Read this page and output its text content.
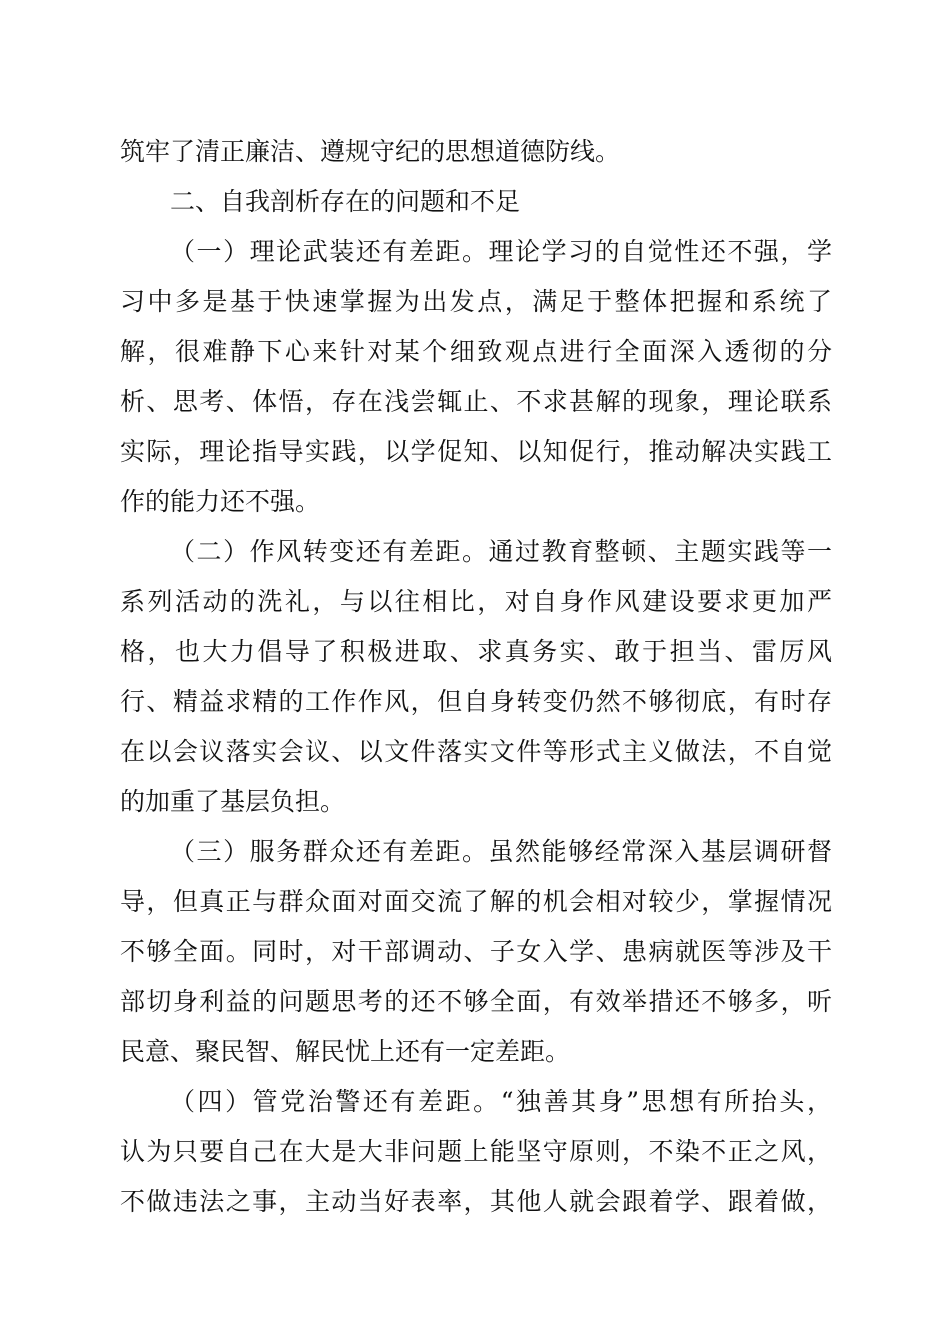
筑牢了清正廉洁、遵规守纪的思想道德防线。
二、自我剖析存在的问题和不足
（一）理论武装还有差距。理论学习的自觉性还不强，学
习中多是基于快速掌握为出发点，满足于整体把握和系统了
解，很难静下心来针对某个细致观点进行全面深入透彻的分
析、思考、体悟，存在浅尝辄止、不求甚解的现象，理论联系
实际，理论指导实践，以学促知、以知促行，推动解决实践工
作的能力还不强。
（二）作风转变还有差距。通过教育整顿、主题实践等一
系列活动的洗礼，与以往相比，对自身作风建设要求更加严
格，也大力倡导了积极进取、求真务实、敢于担当、雷厉风
行、精益求精的工作作风，但自身转变仍然不够彻底，有时存
在以会议落实会议、以文件落实文件等形式主义做法，不自觉
的加重了基层负担。
（三）服务群众还有差距。虽然能够经常深入基层调研督
导，但真正与群众面对面交流了解的机会相对较少，掌握情况
不够全面。同时，对干部调动、子女入学、患病就医等涉及干
部切身利益的问题思考的还不够全面，有效举措还不够多，听
民意、聚民智、解民忧上还有一定差距。
（四）管党治警还有差距。“独善其身”思想有所抬头，
认为只要自己在大是大非问题上能坚守原则，不染不正之风，
不做违法之事，主动当好表率，其他人就会跟着学、跟着做，
